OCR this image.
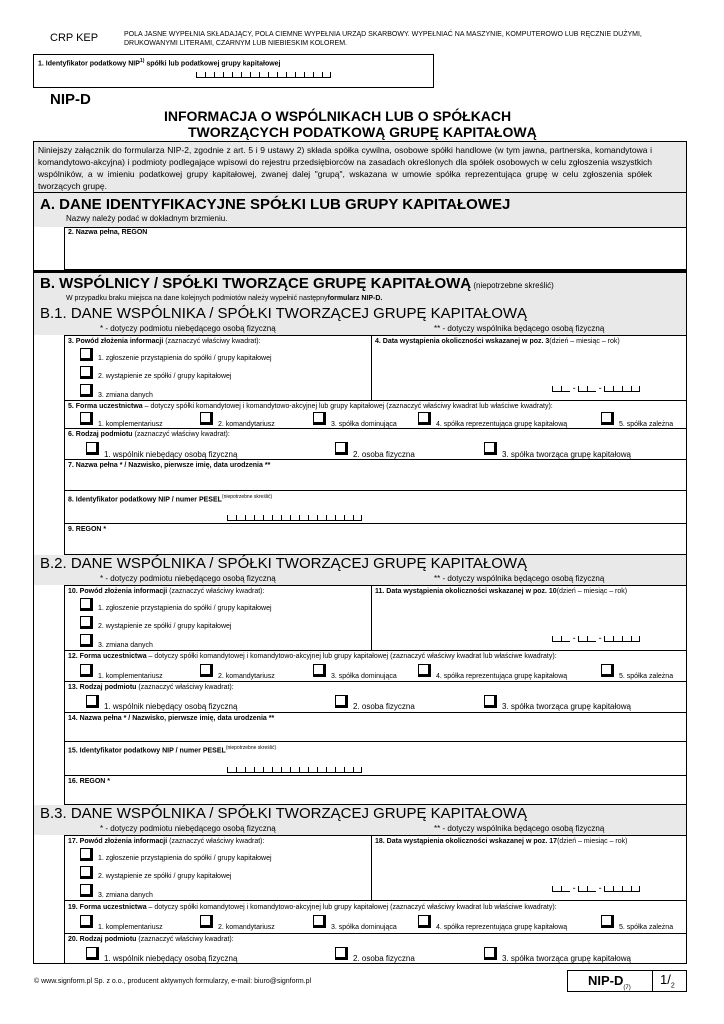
CRP KEP	POLA JASNE WYPEŁNIA SKŁADAJĄCY, POLA CIEMNE WYPEŁNIA URZĄD SKARBOWY. WYPEŁNIAĆ NA MASZYNIE, KOMPUTEROWO LUB RĘCZNIE DUŻYMI, DRUKOWANYMI LITERAMI, CZARNYM LUB NIEBIESKIM KOLOREM.
1. Identyfikator podatkowy NIP$^{1)}$ spółki lub podatkowej grupy kapitałowej
NIP-D
INFORMACJA O WSPÓLNIKACH LUB O SPÓŁKACH
TWORZĄCYCH PODATKOWĄ GRUPĘ KAPITAŁOWĄ
Niniejszy załącznik do formularza NIP-2, zgodnie z art. 5 i 9 ustawy 2) składa spółka cywilna, osobowe spółki handlowe (w tym jawna, partnerska, komandytowa i komandytowo-akcyjna) i podmioty podlegające wpisowi do rejestru przedsiębiorców na zasadach określonych dla spółek osobowych w celu zgłoszenia wszystkich wspólników, a w imieniu podatkowej grupy kapitałowej, zwanej dalej "grupą", wskazana w umowie spółka reprezentująca grupę w celu zgłoszenia spółek tworzących grupę.
A. DANE IDENTYFIKACYJNE SPÓŁKI LUB GRUPY KAPITAŁOWEJ
Nazwy należy podać w dokładnym brzmieniu.
2. Nazwa pełna, REGON
B. WSPÓLNICY / SPÓŁKI TWORZĄCE GRUPĘ KAPITAŁOWĄ (niepotrzebne skreślić)
W przypadku braku miejsca na dane kolejnych podmiotów należy wypełnić następnyformularz NIP-D.
B.1. DANE WSPÓLNIKA / SPÓŁKI TWORZĄCEJ GRUPĘ KAPITAŁOWĄ
* - dotyczy podmiotu niebędącego osobą fizyczną	** - dotyczy wspólnika będącego osobą fizyczną
3. Powód złożenia informacji (zaznaczyć właściwy kwadrat):
1. zgłoszenie przystąpienia do spółki / grupy kapitałowej
2. wystąpienie ze spółki / grupy kapitałowej
3. zmiana danych
4. Data wystąpienia okoliczności wskazanej w poz. 3(dzień – miesiąc – rok)
-	-
5. Forma uczestnictwa – dotyczy spółki komandytowej i komandytowo-akcyjnej lub grupy kapitałowej (zaznaczyć właściwy kwadrat lub właściwe kwadraty):
1. komplementariusz	2. komandytariusz	3. spółka dominująca	4. spółka reprezentująca grupę kapitałową	5. spółka zależna
6. Rodzaj podmiotu (zaznaczyć właściwy kwadrat):
1. wspólnik niebędący osobą fizyczną	2. osoba fizyczna	3. spółka tworząca grupę kapitałową
7. Nazwa pełna * / Nazwisko, pierwsze imię, data urodzenia **
8. Identyfikator podatkowy NIP / numer $PESEL^{(niepotrzebne skreślić)}$
9. REGON *
B.2. DANE WSPÓLNIKA / SPÓŁKI TWORZĄCEJ GRUPĘ KAPITAŁOWĄ
* - dotyczy podmiotu niebędącego osobą fizyczną	** - dotyczy wspólnika będącego osobą fizyczną
10. Powód złożenia informacji (zaznaczyć właściwy kwadrat):
1. zgłoszenie przystąpienia do spółki / grupy kapitałowej
2. wystąpienie ze spółki / grupy kapitałowej
3. zmiana danych
11. Data wystąpienia okoliczności wskazanej w poz. 10(dzień – miesiąc – rok)
-	-
12. Forma uczestnictwa – dotyczy spółki komandytowej i komandytowo-akcyjnej lub grupy kapitałowej (zaznaczyć właściwy kwadrat lub właściwe kwadraty):
1. komplementariusz	2. komandytariusz	3. spółka dominująca	4. spółka reprezentująca grupę kapitałową	5. spółka zależna
13. Rodzaj podmiotu (zaznaczyć właściwy kwadrat):
1. wspólnik niebędący osobą fizyczną	2. osoba fizyczna	3. spółka tworząca grupę kapitałową
14. Nazwa pełna * / Nazwisko, pierwsze imię, data urodzenia **
15. Identyfikator podatkowy NIP / numer $PESEL^{(niepotrzebne skreślić)}$
16. REGON *
B.3. DANE WSPÓLNIKA / SPÓŁKI TWORZĄCEJ GRUPĘ KAPITAŁOWĄ
* - dotyczy podmiotu niebędącego osobą fizyczną	** - dotyczy wspólnika będącego osobą fizyczną
17. Powód złożenia informacji (zaznaczyć właściwy kwadrat):
1. zgłoszenie przystąpienia do spółki / grupy kapitałowej
2. wystąpienie ze spółki / grupy kapitałowej
3. zmiana danych
18. Data wystąpienia okoliczności wskazanej w poz. 17(dzień – miesiąc – rok)
-	-
19. Forma uczestnictwa – dotyczy spółki komandytowej i komandytowo-akcyjnej lub grupy kapitałowej (zaznaczyć właściwy kwadrat lub właściwe kwadraty):
1. komplementariusz	2. komandytariusz	3. spółka dominująca	4. spółka reprezentująca grupę kapitałową	5. spółka zależna
20. Rodzaj podmiotu (zaznaczyć właściwy kwadrat):
1. wspólnik niebędący osobą fizyczną	2. osoba fizyczna	3. spółka tworząca grupę kapitałową
© www.signform.pl Sp. z o.o., producent aktywnych formularzy, e-mail: biuro@signform.pl	NIP-$D_{(7)}$
$1/_2$
